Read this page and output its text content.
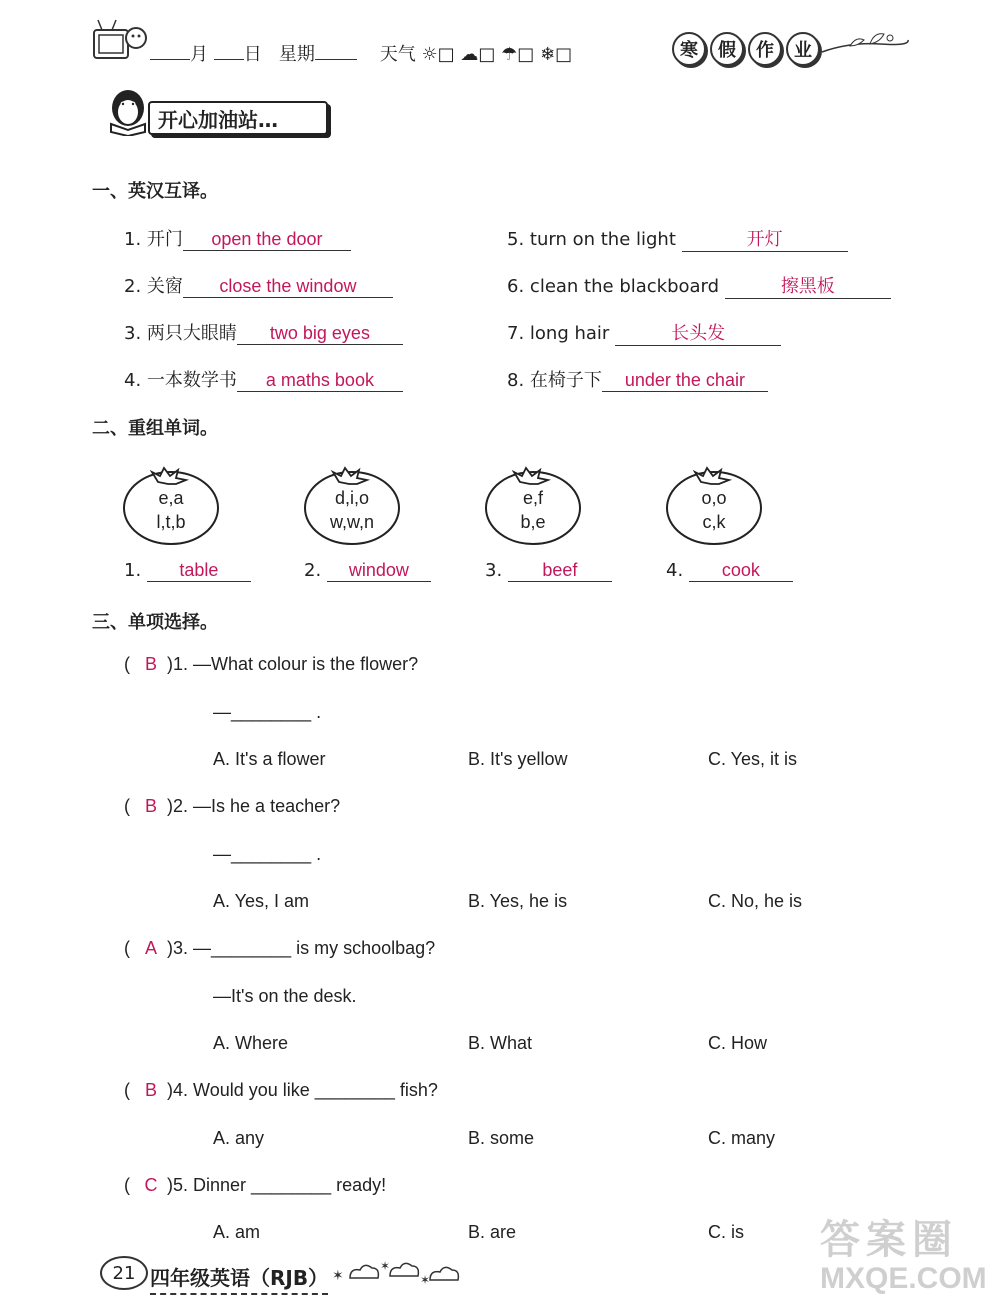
月 日 星期	天气 ☼□ ☁□ ☂□ ❄□	寒	假	作	业
开心加油站…
一、英汉互译。
1. 开门 open the door
2. 关窗 close the window
3. 两只大眼睛 two big eyes
4. 一本数学书 a maths book
5. turn on the light	开灯
6. clean the blackboard	擦黑板
7. long hair	长头发
8. 在椅子下 under the chair
二、重组单词。
e,a
l,t,b
d,i,o
w,w,n
e,f
b,e
o,o
c,k
1. table	2. window	3. beef	4. cook
三、单项选择。
( B )1. —What colour is the flower?
—________ .
A. It's a flower	B. It's yellow	C. Yes, it is
( B )2. —Is he a teacher?
—________ .
A. Yes, I am	B. Yes, he is	C. No, he is
( A )3. —________ is my schoolbag?
—It's on the desk.
A. Where	B. What	C. How
( B )4. Would you like ________ fish?
A. any	B. some	C. many
( C )5. Dinner ________ ready!
A. am	B. are	C. is
21 四年级英语（RJB） ✶
✶
✶
答案圈
MXQE.COM
